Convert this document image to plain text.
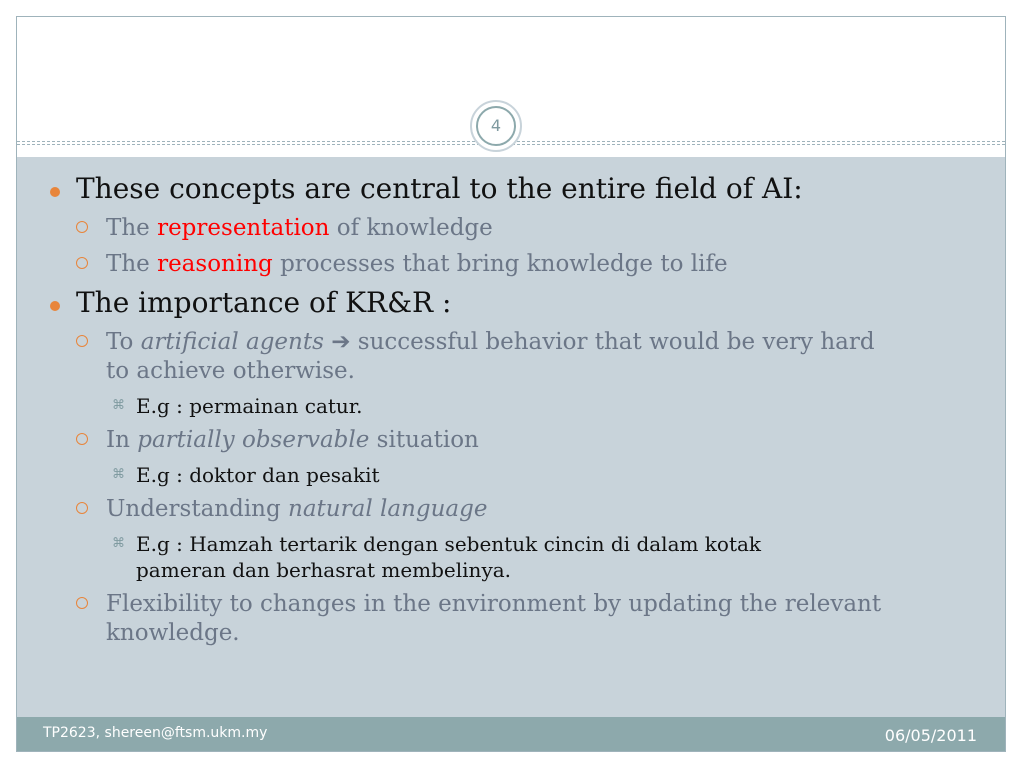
TP2623, shereen@ftsm.ukm.my	06/05/2011
4
These concepts are central to the entire field of AI:
The representation of knowledge
The reasoning processes that bring knowledge to life
The importance of KR&R :
To artificial agents ➔ successful behavior that would be very hard to achieve otherwise.
⌘ E.g : permainan catur.
In partially observable situation
⌘ E.g : doktor dan pesakit
Understanding natural language
⌘ E.g : Hamzah tertarik dengan sebentuk cincin di dalam kotak pameran dan berhasrat membelinya.
Flexibility to changes in the environment by updating the relevant knowledge.
